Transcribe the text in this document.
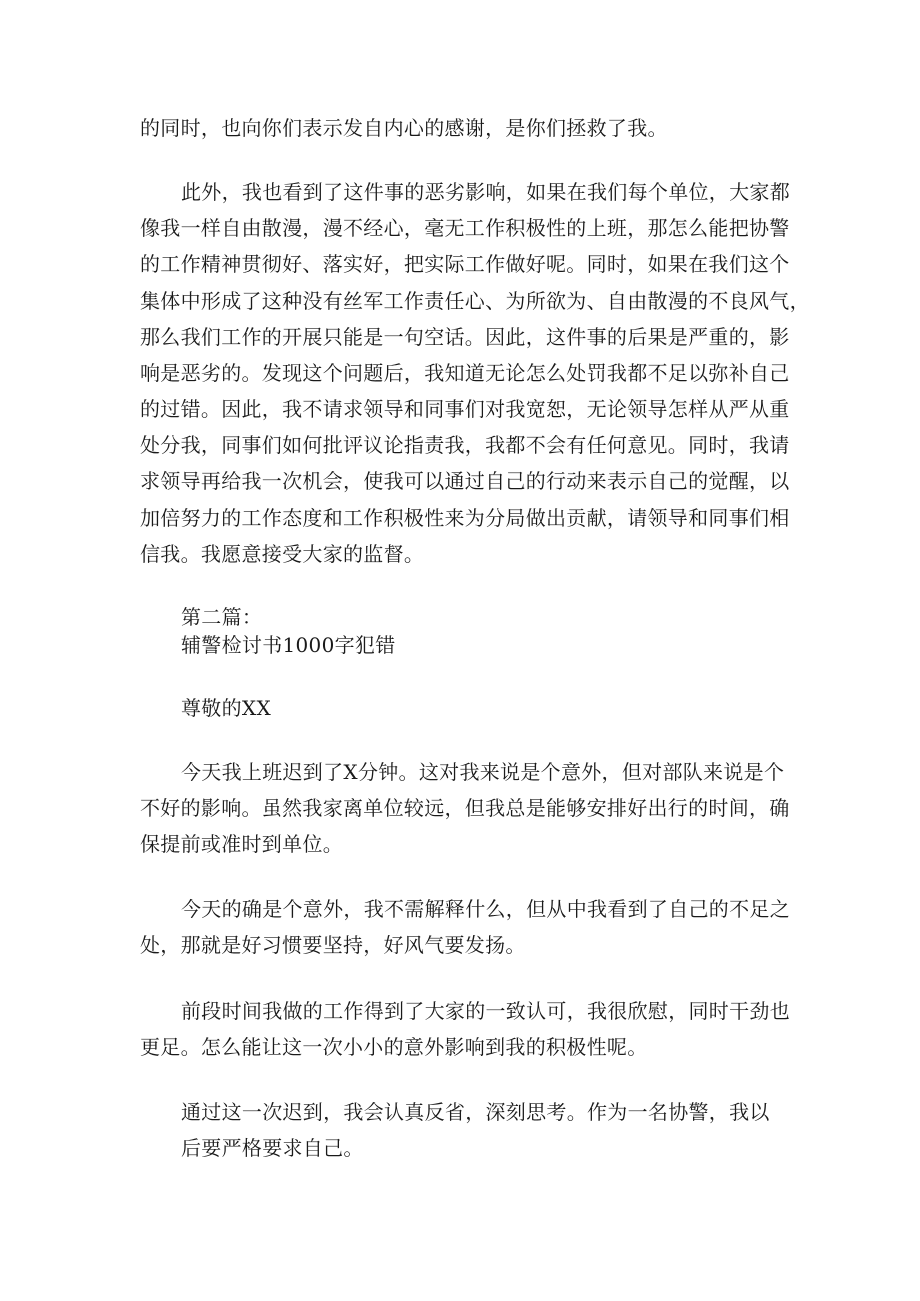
的同时，也向你们表示发自内心的感谢，是你们拯救了我。
此外，我也看到了这件事的恶劣影响，如果在我们每个单位，大家都
像我一样自由散漫，漫不经心，毫无工作积极性的上班，那怎么能把协警
的工作精神贯彻好、落实好，把实际工作做好呢。同时，如果在我们这个
集体中形成了这种没有丝军工作责任心、为所欲为、自由散漫的不良风气，
那么我们工作的开展只能是一句空话。因此，这件事的后果是严重的，影
响是恶劣的。发现这个问题后，我知道无论怎么处罚我都不足以弥补自己
的过错。因此，我不请求领导和同事们对我宽恕，无论领导怎样从严从重
处分我，同事们如何批评议论指责我，我都不会有任何意见。同时，我请
求领导再给我一次机会，使我可以通过自己的行动来表示自己的觉醒，以
加倍努力的工作态度和工作积极性来为分局做出贡献，请领导和同事们相
信我。我愿意接受大家的监督。
第二篇：
辅警检讨书1000字犯错
尊敬的XX
今天我上班迟到了X分钟。这对我来说是个意外，但对部队来说是个
不好的影响。虽然我家离单位较远，但我总是能够安排好出行的时间，确
保提前或准时到单位。
今天的确是个意外，我不需解释什么，但从中我看到了自己的不足之
处，那就是好习惯要坚持，好风气要发扬。
前段时间我做的工作得到了大家的一致认可，我很欣慰，同时干劲也
更足。怎么能让这一次小小的意外影响到我的积极性呢。
通过这一次迟到，我会认真反省，深刻思考。作为一名协警，我以
后要严格要求自己。
